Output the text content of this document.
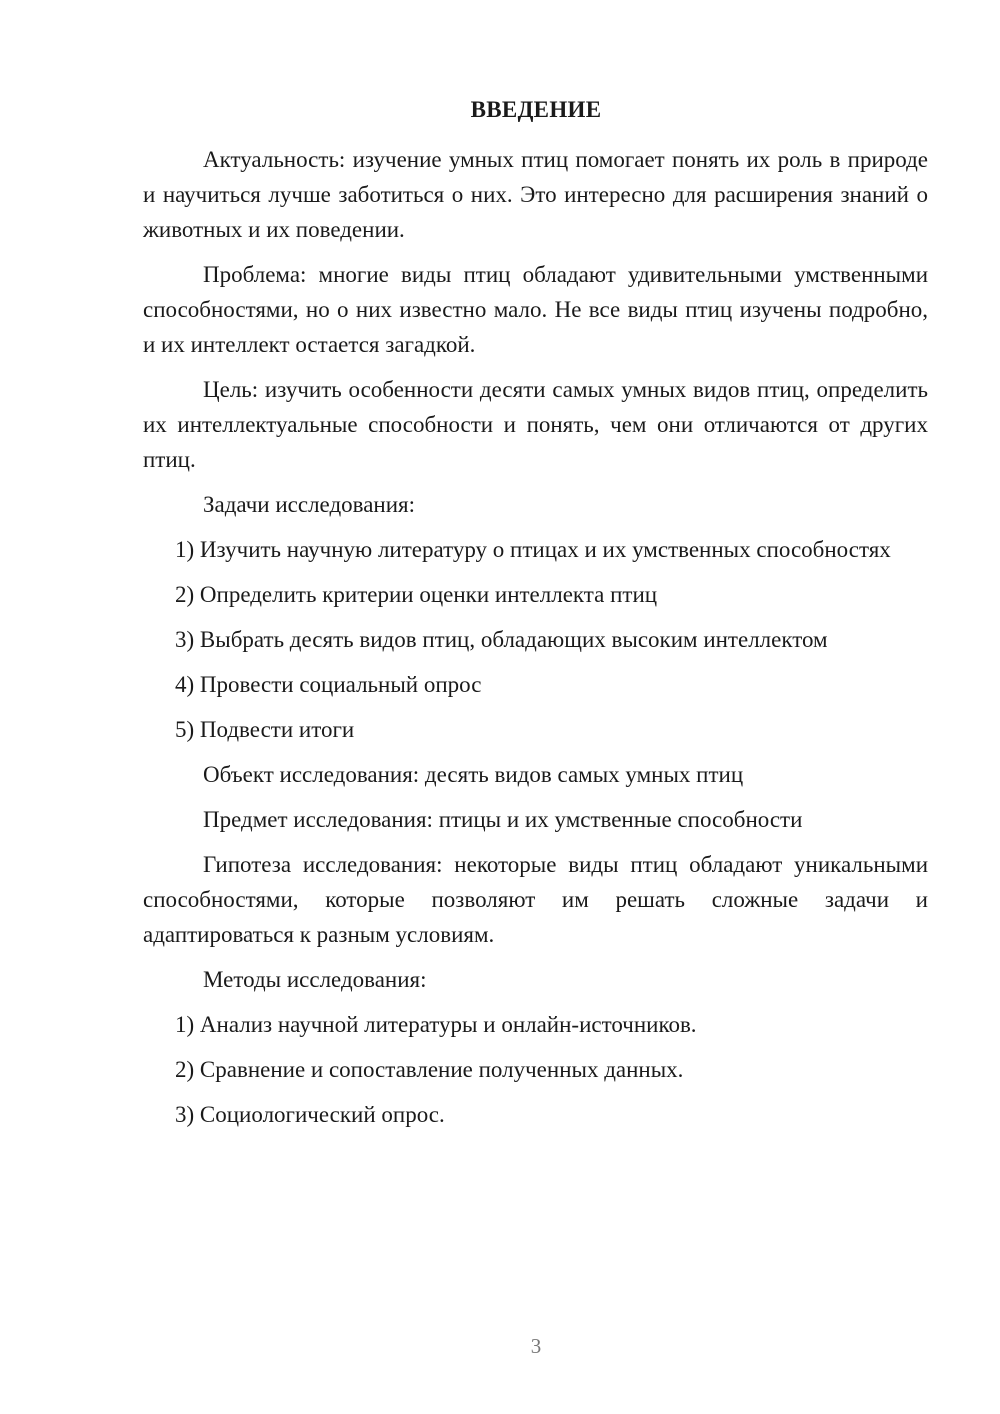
ВВЕДЕНИЕ

Актуальность: изучение умных птиц помогает понять их роль в природе и научиться лучше заботиться о них. Это интересно для расширения знаний о животных и их поведении.

Проблема: многие виды птиц обладают удивительными умственными способностями, но о них известно мало. Не все виды птиц изучены подробно, и их интеллект остается загадкой.

Цель: изучить особенности десяти самых умных видов птиц, определить их интеллектуальные способности и понять, чем они отличаются от других птиц.

Задачи исследования:

1) Изучить научную литературу о птицах и их умственных способностях

2) Определить критерии оценки интеллекта птиц

3) Выбрать десять видов птиц, обладающих высоким интеллектом

4) Провести социальный опрос

5) Подвести итоги

Объект исследования: десять видов самых умных птиц

Предмет исследования: птицы и их умственные способности

Гипотеза исследования: некоторые виды птиц обладают уникальными способностями, которые позволяют им решать сложные задачи и адаптироваться к разным условиям.

Методы исследования:

1) Анализ научной литературы и онлайн-источников.

2) Сравнение и сопоставление полученных данных.

3) Социологический опрос.

3
